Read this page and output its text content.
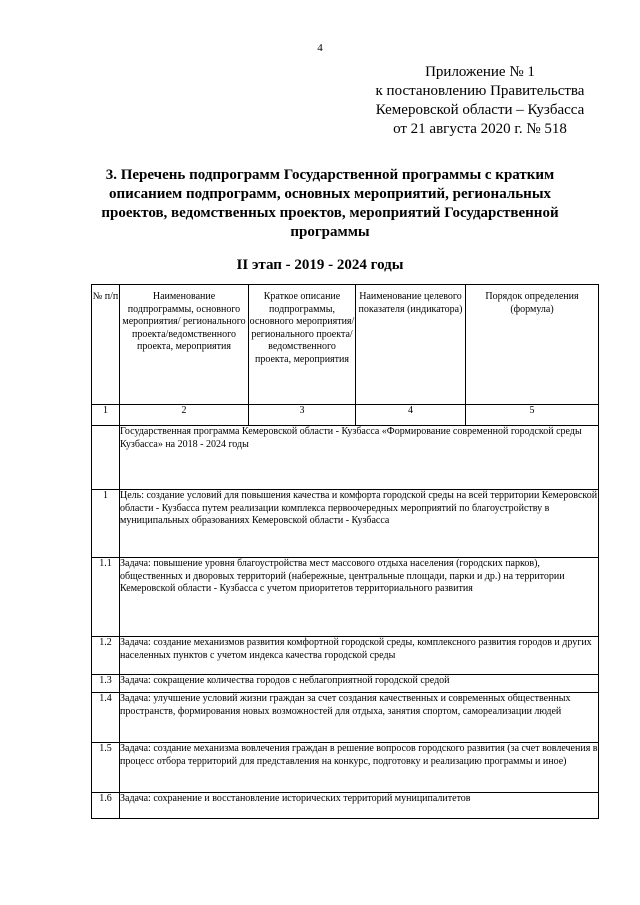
4
Приложение № 1
к постановлению Правительства
Кемеровской области – Кузбасса
от 21 августа 2020 г. № 518
3. Перечень подпрограмм Государственной программы с кратким описанием подпрограмм, основных мероприятий, региональных проектов, ведомственных проектов, мероприятий Государственной программы
II этап - 2019 - 2024 годы
№ п/п	Наименование подпрограммы, основного мероприятия/ регионального проекта/ведомственного проекта, мероприятия	Краткое описание подпрограммы, основного мероприятия/ регионального проекта/ ведомственного проекта, мероприятия	Наименование целевого показателя (индикатора)	Порядок определения (формула)
1	2	3	4	5
	Государственная программа Кемеровской области - Кузбасса «Формирование современной городской среды Кузбасса» на 2018 - 2024 годы			
1	Цель: создание условий для повышения качества и комфорта городской среды на всей территории Кемеровской области - Кузбасса путем реализации комплекса первоочередных мероприятий по благоустройству в муниципальных образованиях Кемеровской области - Кузбасса			
1.1	Задача: повышение уровня благоустройства мест массового отдыха населения (городских парков), общественных и дворовых территорий (набережные, центральные площади, парки и др.) на территории Кемеровской области - Кузбасса с учетом приоритетов территориального развития			
1.2	Задача: создание механизмов развития комфортной городской среды, комплексного развития городов и других населенных пунктов с учетом индекса качества городской среды			
1.3	Задача: сокращение количества городов с неблагоприятной городской средой			
1.4	Задача: улучшение условий жизни граждан за счет создания качественных и современных общественных пространств, формирования новых возможностей для отдыха, занятия спортом, самореализации людей			
1.5	Задача: создание механизма вовлечения граждан в решение вопросов городского развития (за счет вовлечения в процесс отбора территорий для представления на конкурс, подготовку и реализацию программы и иное)			
1.6	Задача: сохранение и восстановление исторических территорий муниципалитетов			
